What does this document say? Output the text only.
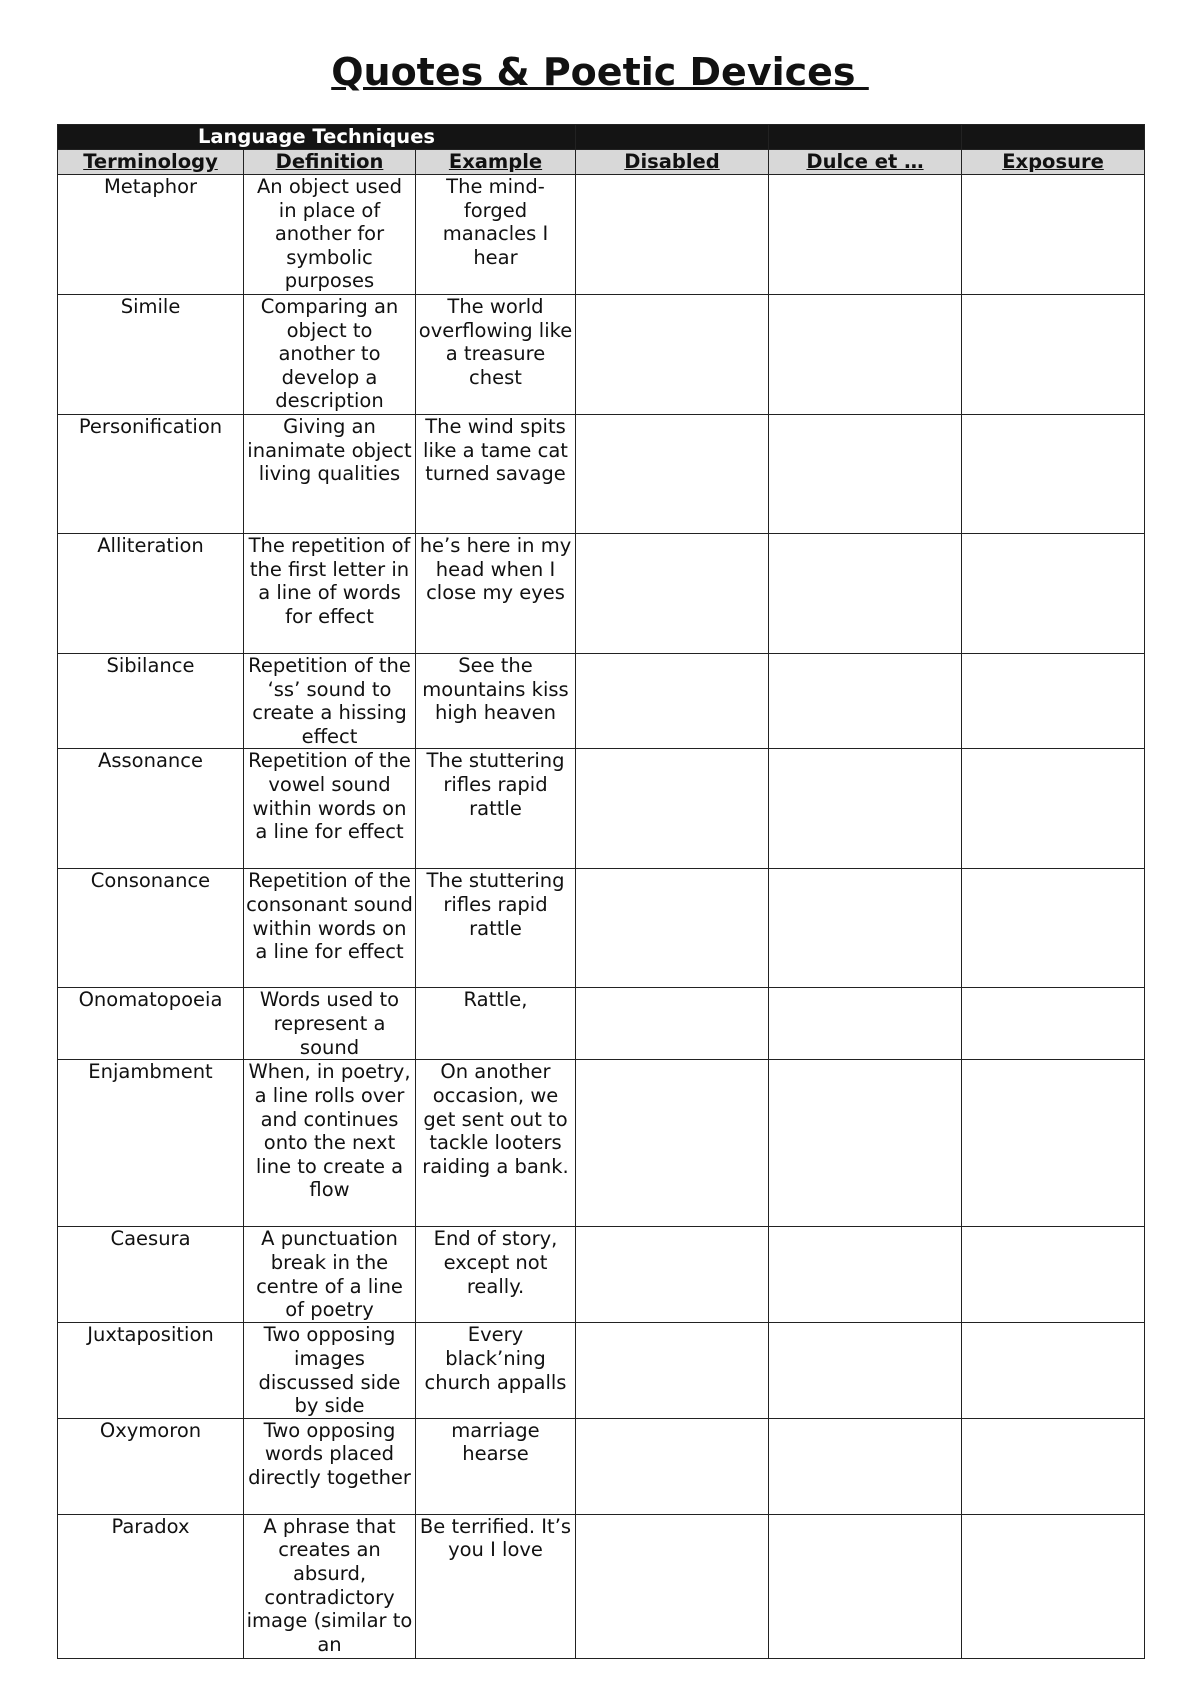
Quotes & Poetic Devices
Language Techniques					
Terminology	Definition	Example	Disabled	Dulce et …	Exposure
Metaphor	An object used in place of another for symbolic purposes	The mind-forged manacles I hear			
Simile	Comparing an object to another to develop a description	The world overflowing like a treasure chest			
Personification	Giving an inanimate object living qualities	The wind spits like a tame cat turned savage			
Alliteration	The repetition of the first letter in a line of words for effect	he’s here in my head when I close my eyes			
Sibilance	Repetition of the ‘ss’ sound to create a hissing effect	See the mountains kiss high heaven			
Assonance	Repetition of the vowel sound within words on a line for effect	The stuttering rifles rapid rattle			
Consonance	Repetition of the consonant sound within words on a line for effect	The stuttering rifles rapid rattle			
Onomatopoeia	Words used to represent a sound	Rattle,			
Enjambment	When, in poetry, a line rolls over and continues onto the next line to create a flow	On another occasion, we get sent out to tackle looters raiding a bank.			
Caesura	A punctuation break in the centre of a line of poetry	End of story, except not really.			
Juxtaposition	Two opposing images discussed side by side	Every black’ning church appalls			
Oxymoron	Two opposing words placed directly together	marriage hearse			
Paradox	A phrase that creates an absurd, contradictory image (similar to an	Be terrified. It’s you I love			
